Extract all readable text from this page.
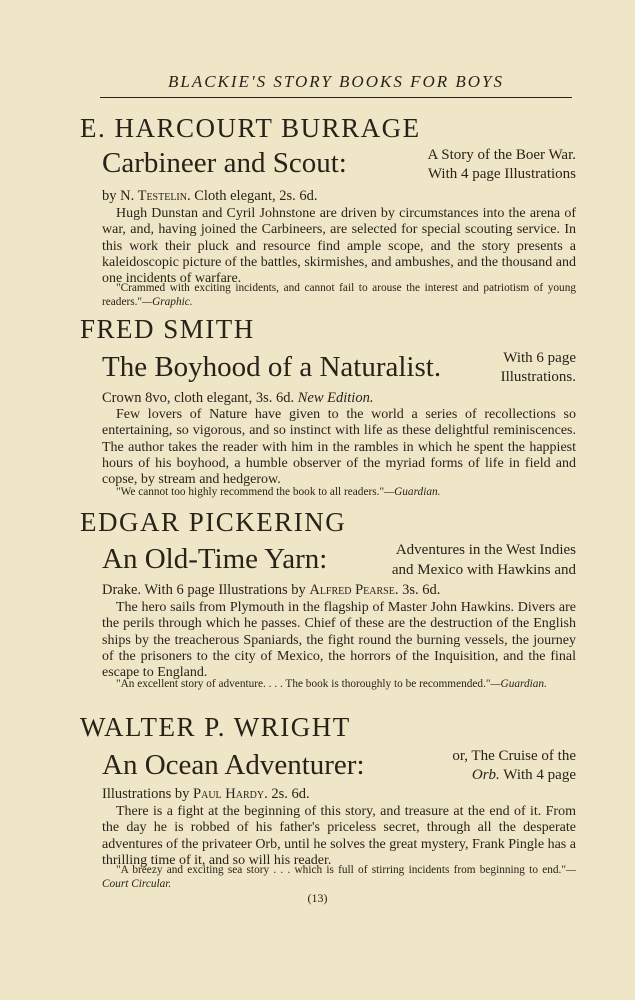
BLACKIE'S STORY BOOKS FOR BOYS
E. HARCOURT BURRAGE
Carbineer and Scout:	A Story of the Boer War.
With 4 page Illustrations
by N. Testelin. Cloth elegant, 2s. 6d.
Hugh Dunstan and Cyril Johnstone are driven by circumstances into the arena of war, and, having joined the Carbineers, are selected for special scouting service. In this work their pluck and resource find ample scope, and the story presents a kaleidoscopic picture of the battles, skirmishes, and ambushes, and the thousand and one incidents of warfare.
"Crammed with exciting incidents, and cannot fail to arouse the interest and patriotism of young readers."—Graphic.
FRED SMITH
The Boyhood of a Naturalist.	With 6 page
Illustrations.
Crown 8vo, cloth elegant, 3s. 6d. New Edition.
Few lovers of Nature have given to the world a series of recollections so entertaining, so vigorous, and so instinct with life as these delightful reminiscences. The author takes the reader with him in the rambles in which he spent the happiest hours of his boyhood, a humble observer of the myriad forms of life in field and copse, by stream and hedgerow.
"We cannot too highly recommend the book to all readers."—Guardian.
EDGAR PICKERING
An Old-Time Yarn:	Adventures in the West Indies
and Mexico with Hawkins and
Drake. With 6 page Illustrations by Alfred Pearse. 3s. 6d.
The hero sails from Plymouth in the flagship of Master John Hawkins. Divers are the perils through which he passes. Chief of these are the destruction of the English ships by the treacherous Spaniards, the fight round the burning vessels, the journey of the prisoners to the city of Mexico, the horrors of the Inquisition, and the final escape to England.
"An excellent story of adventure. . . . The book is thoroughly to be recommended."—Guardian.
WALTER P. WRIGHT
An Ocean Adventurer:	or, The Cruise of the
Orb. With 4 page
Illustrations by Paul Hardy. 2s. 6d.
There is a fight at the beginning of this story, and treasure at the end of it. From the day he is robbed of his father's priceless secret, through all the desperate adventures of the privateer Orb, until he solves the great mystery, Frank Pingle has a thrilling time of it, and so will his reader.
"A breezy and exciting sea story . . . which is full of stirring incidents from beginning to end."—Court Circular.
(13)
